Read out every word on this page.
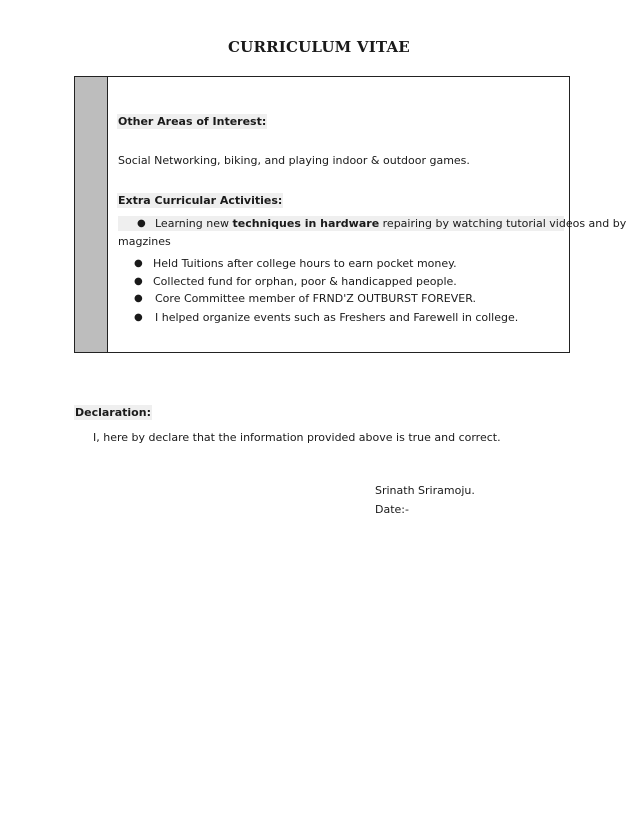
CURRICULUM VITAE
Other Areas of Interest:
Social Networking, biking, and playing indoor & outdoor games.
Extra Curricular Activities:
● Learning new techniques in hardware repairing by watching tutorial videos and by
magzines
● Held Tuitions after college hours to earn pocket money.
● Collected fund for orphan, poor & handicapped people.
● Core Committee member of FRND'Z OUTBURST FOREVER.
● I helped organize events such as Freshers and Farewell in college.
Declaration:
I, here by declare that the information provided above is true and correct.
Srinath Sriramoju.
Date:-
